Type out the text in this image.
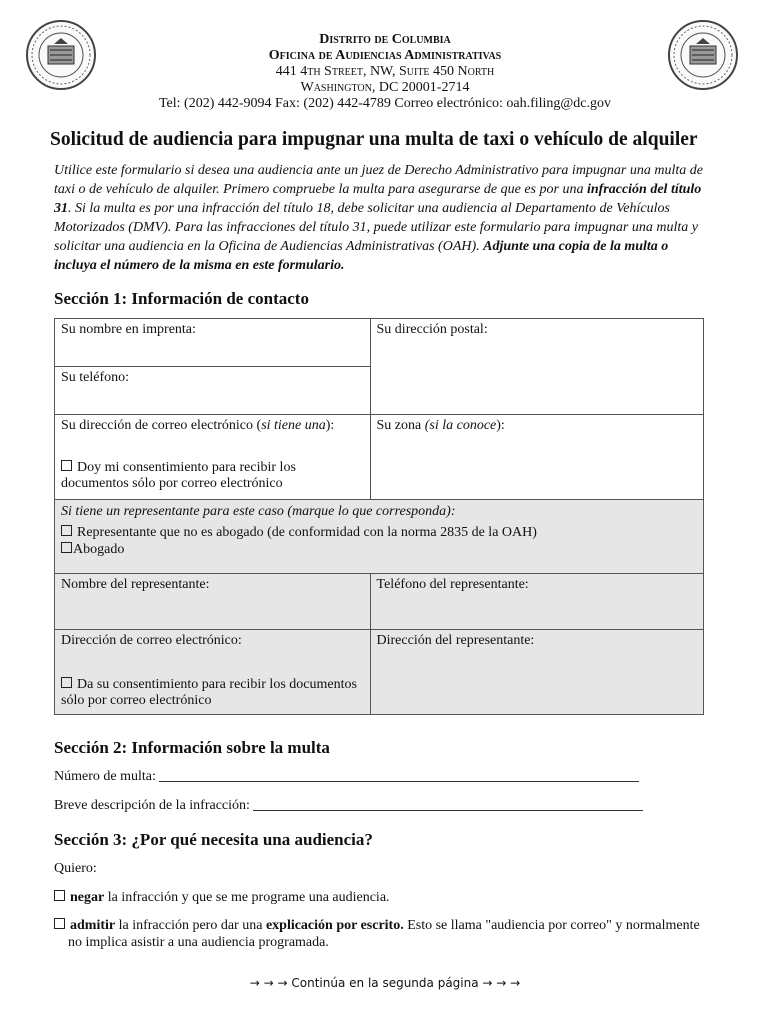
Distrito de Columbia
Oficina de Audiencias Administrativas
441 4th Street, NW, Suite 450 North
Washington, DC 20001-2714
Tel: (202) 442-9094 Fax: (202) 442-4789 Correo electrónico: oah.filing@dc.gov
Solicitud de audiencia para impugnar una multa de taxi o vehículo de alquiler
Utilice este formulario si desea una audiencia ante un juez de Derecho Administrativo para impugnar una multa de taxi o de vehículo de alquiler. Primero compruebe la multa para asegurarse de que es por una infracción del título 31. Si la multa es por una infracción del título 18, debe solicitar una audiencia al Departamento de Vehículos Motorizados (DMV). Para las infracciones del título 31, puede utilizar este formulario para impugnar una multa y solicitar una audiencia en la Oficina de Audiencias Administrativas (OAH). Adjunte una copia de la multa o incluya el número de la misma en este formulario.
Sección 1: Información de contacto
Su nombre en imprenta:	Su dirección postal:
Su teléfono:	
Su dirección de correo electrónico (si tiene una):
Doy mi consentimiento para recibir los documentos sólo por correo electrónico	Su zona (si la conoce):
Si tiene un representante para este caso (marque lo que corresponda):

Representante que no es abogado (de conformidad con la norma 2835 de la OAH)
Abogado	

Nombre del representante:	Teléfono del representante:
Dirección de correo electrónico:
Da su consentimiento para recibir los documentos sólo por correo electrónico	Dirección del representante:
Sección 2: Información sobre la multa
Número de multa:
Breve descripción de la infracción:
Sección 3: ¿Por qué necesita una audiencia?
Quiero:
negar la infracción y que se me programe una audiencia.
admitir la infracción pero dar una explicación por escrito. Esto se llama "audiencia por correo" y normalmente no implica asistir a una audiencia programada.
→ → → Continúa en la segunda página → → →
